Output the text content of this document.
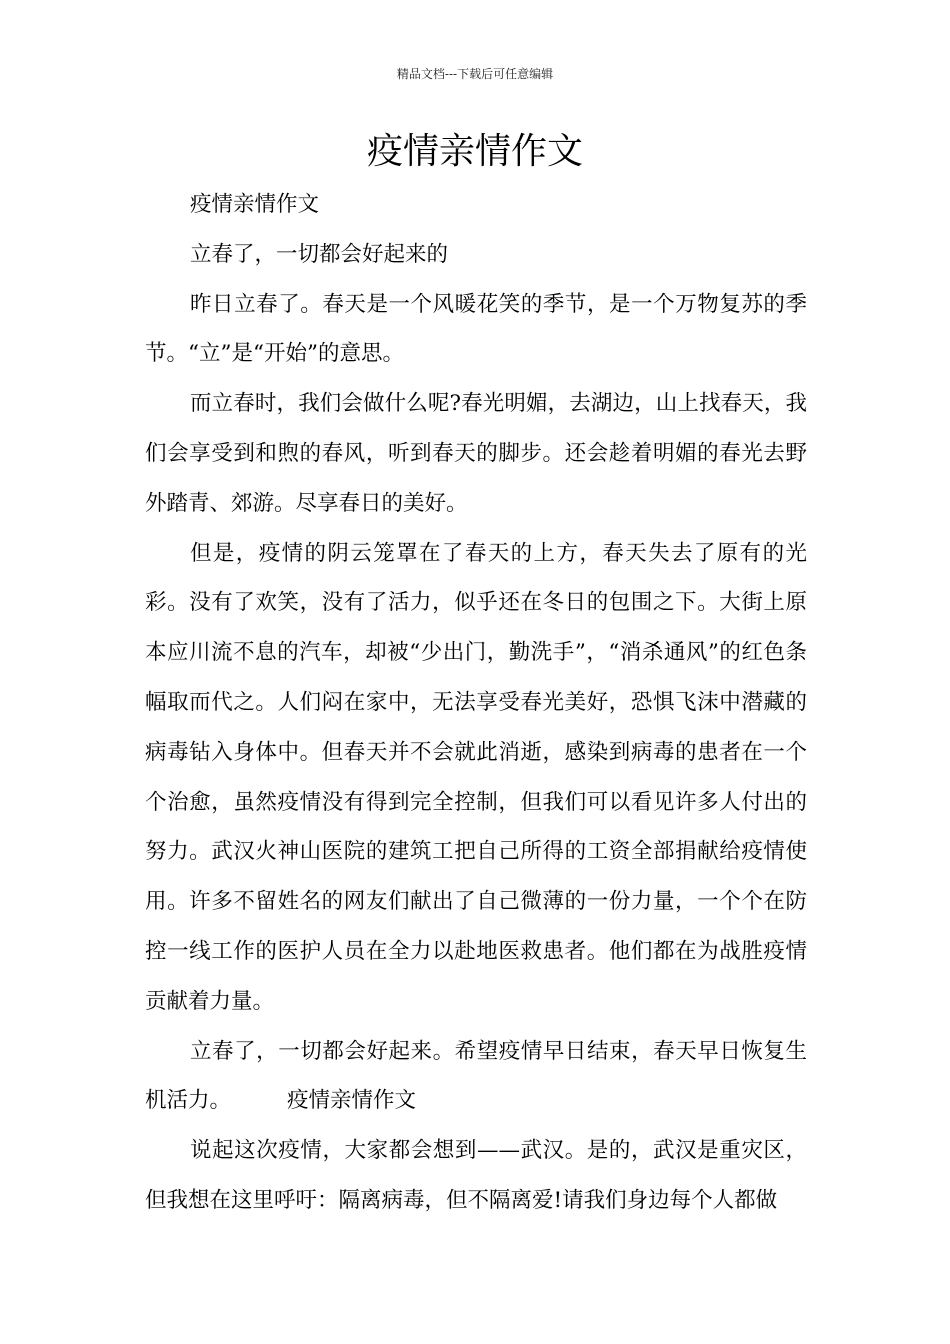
精品文档---下载后可任意编辑
疫情亲情作文

疫情亲情作文

立春了，一切都会好起来的

昨日立春了。春天是一个风暖花笑的季节，是一个万物复苏的季节。“立”是“开始”的意思。

而立春时，我们会做什么呢?春光明媚，去湖边，山上找春天，我们会享受到和煦的春风，听到春天的脚步。还会趁着明媚的春光去野外踏青、郊游。尽享春日的美好。

但是，疫情的阴云笼罩在了春天的上方，春天失去了原有的光彩。没有了欢笑，没有了活力，似乎还在冬日的包围之下。大街上原本应川流不息的汽车，却被“少出门，勤洗手”，“消杀通风”的红色条幅取而代之。人们闷在家中，无法享受春光美好，恐惧飞沫中潜藏的病毒钻入身体中。但春天并不会就此消逝，感染到病毒的患者在一个个治愈，虽然疫情没有得到完全控制，但我们可以看见许多人付出的努力。武汉火神山医院的建筑工把自己所得的工资全部捐献给疫情使用。许多不留姓名的网友们献出了自己微薄的一份力量，一个个在防控一线工作的医护人员在全力以赴地医救患者。他们都在为战胜疫情贡献着力量。

立春了，一切都会好起来。希望疫情早日结束，春天早日恢复生机活力。	疫情亲情作文

说起这次疫情，大家都会想到——武汉。是的，武汉是重灾区，但我想在这里呼吁：隔离病毒，但不隔离爱!请我们身边每个人都做
